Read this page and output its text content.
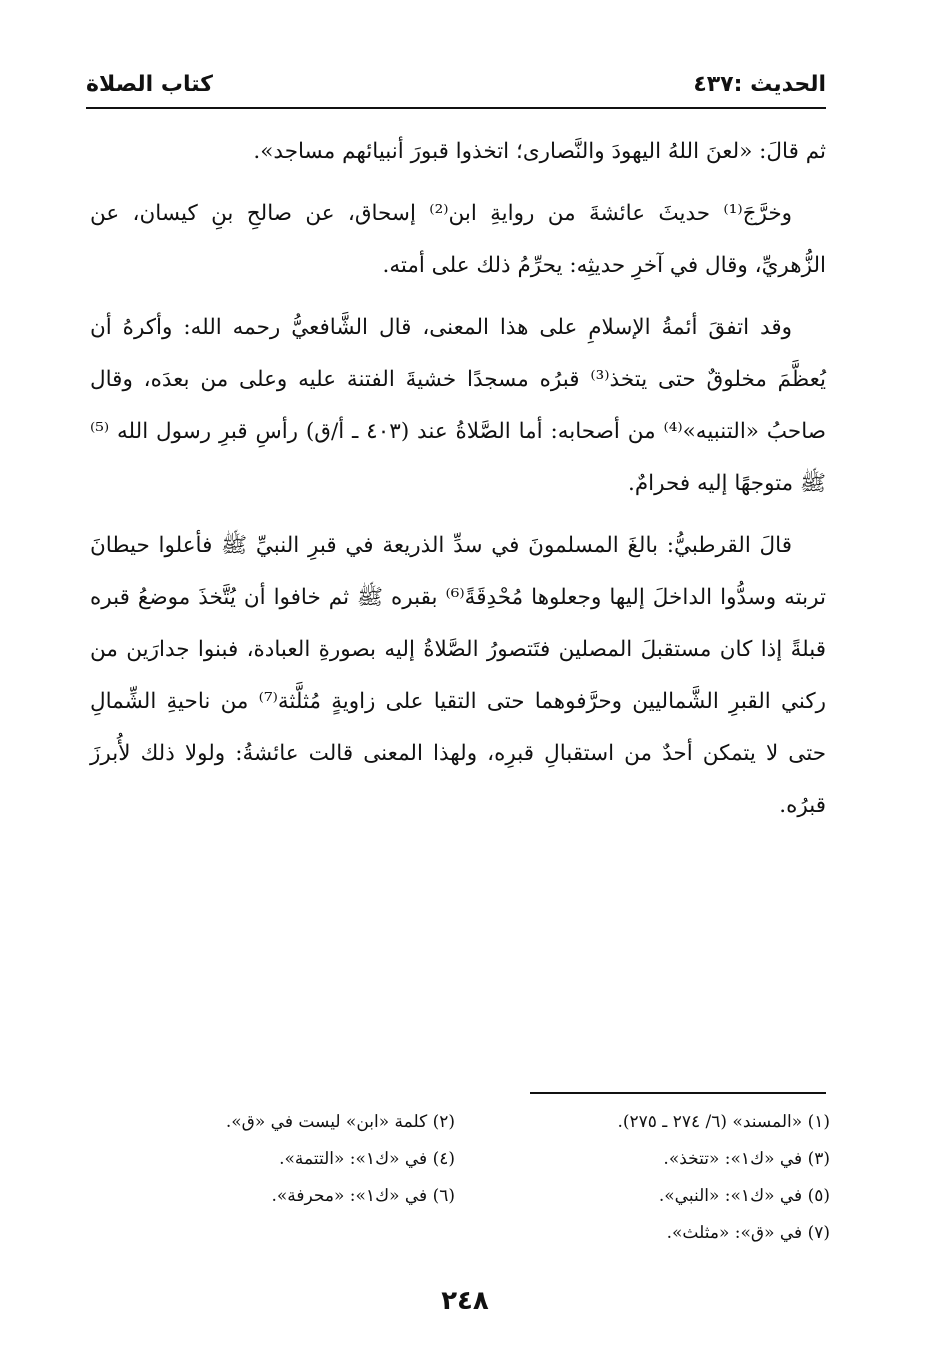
الحديث :٤٣٧
كتاب الصلاة

ثم قالَ: «لعنَ اللهُ اليهودَ والنَّصارى؛ اتخذوا قبورَ أنبيائهم مساجد».

وخرَّجَ⁽¹⁾ حديثَ عائشةَ من روايةِ ابن⁽²⁾ إسحاق، عن صالحِ بنِ كيسان، عن الزُّهريِّ، وقال في آخرِ حديثِه: يحرِّمُ ذلك على أمته.

وقد اتفقَ أئمةُ الإسلامِ على هذا المعنى، قال الشَّافعيُّ رحمه الله: وأكرهُ أن يُعظَّمَ مخلوقٌ حتى يتخذ⁽³⁾ قبرُه مسجدًا خشيةَ الفتنة عليه وعلى من بعدَه، وقال صاحبُ «التنبيه»⁽⁴⁾ من أصحابه: أما الصَّلاةُ عند (٤٠٣ ـ أ/ق) رأسِ قبرِ رسول الله ⁽⁵⁾ ﷺ متوجهًا إليه فحرامٌ.

قالَ القرطبيُّ: بالغَ المسلمونَ في سدِّ الذريعة في قبرِ النبيِّ ﷺ فأعلوا حيطانَ تربته وسدُّوا الداخلَ إليها وجعلوها مُحْدِقَةً⁽⁶⁾ بقبره ﷺ ثم خافوا أن يُتَّخذَ موضعُ قبره قبلةً إذا كان مستقبلَ المصلين فتَتصورُ الصَّلاةُ إليه بصورةِ العبادة، فبنوا جدارَين من ركني القبرِ الشَّماليين وحرَّفوهما حتى التقيا على زاويةٍ مُثلَّثة⁽⁷⁾ من ناحيةِ الشِّمالِ حتى لا يتمكن أحدٌ من استقبالِ قبرِه، ولهذا المعنى قالت عائشةُ: ولولا ذلك لأُبرزَ قبرُه.

(١) «المسند» (٦/ ٢٧٤ ـ ٢٧٥).
(٢) كلمة «ابن» ليست في «ق».
(٣) في «ك١»: «تتخذ».
(٤) في «ك١»: «التتمة».
(٥) في «ك١»: «النبي».
(٦) في «ك١»: «محرفة».
(٧) في «ق»: «مثلث».
٢٤٨
